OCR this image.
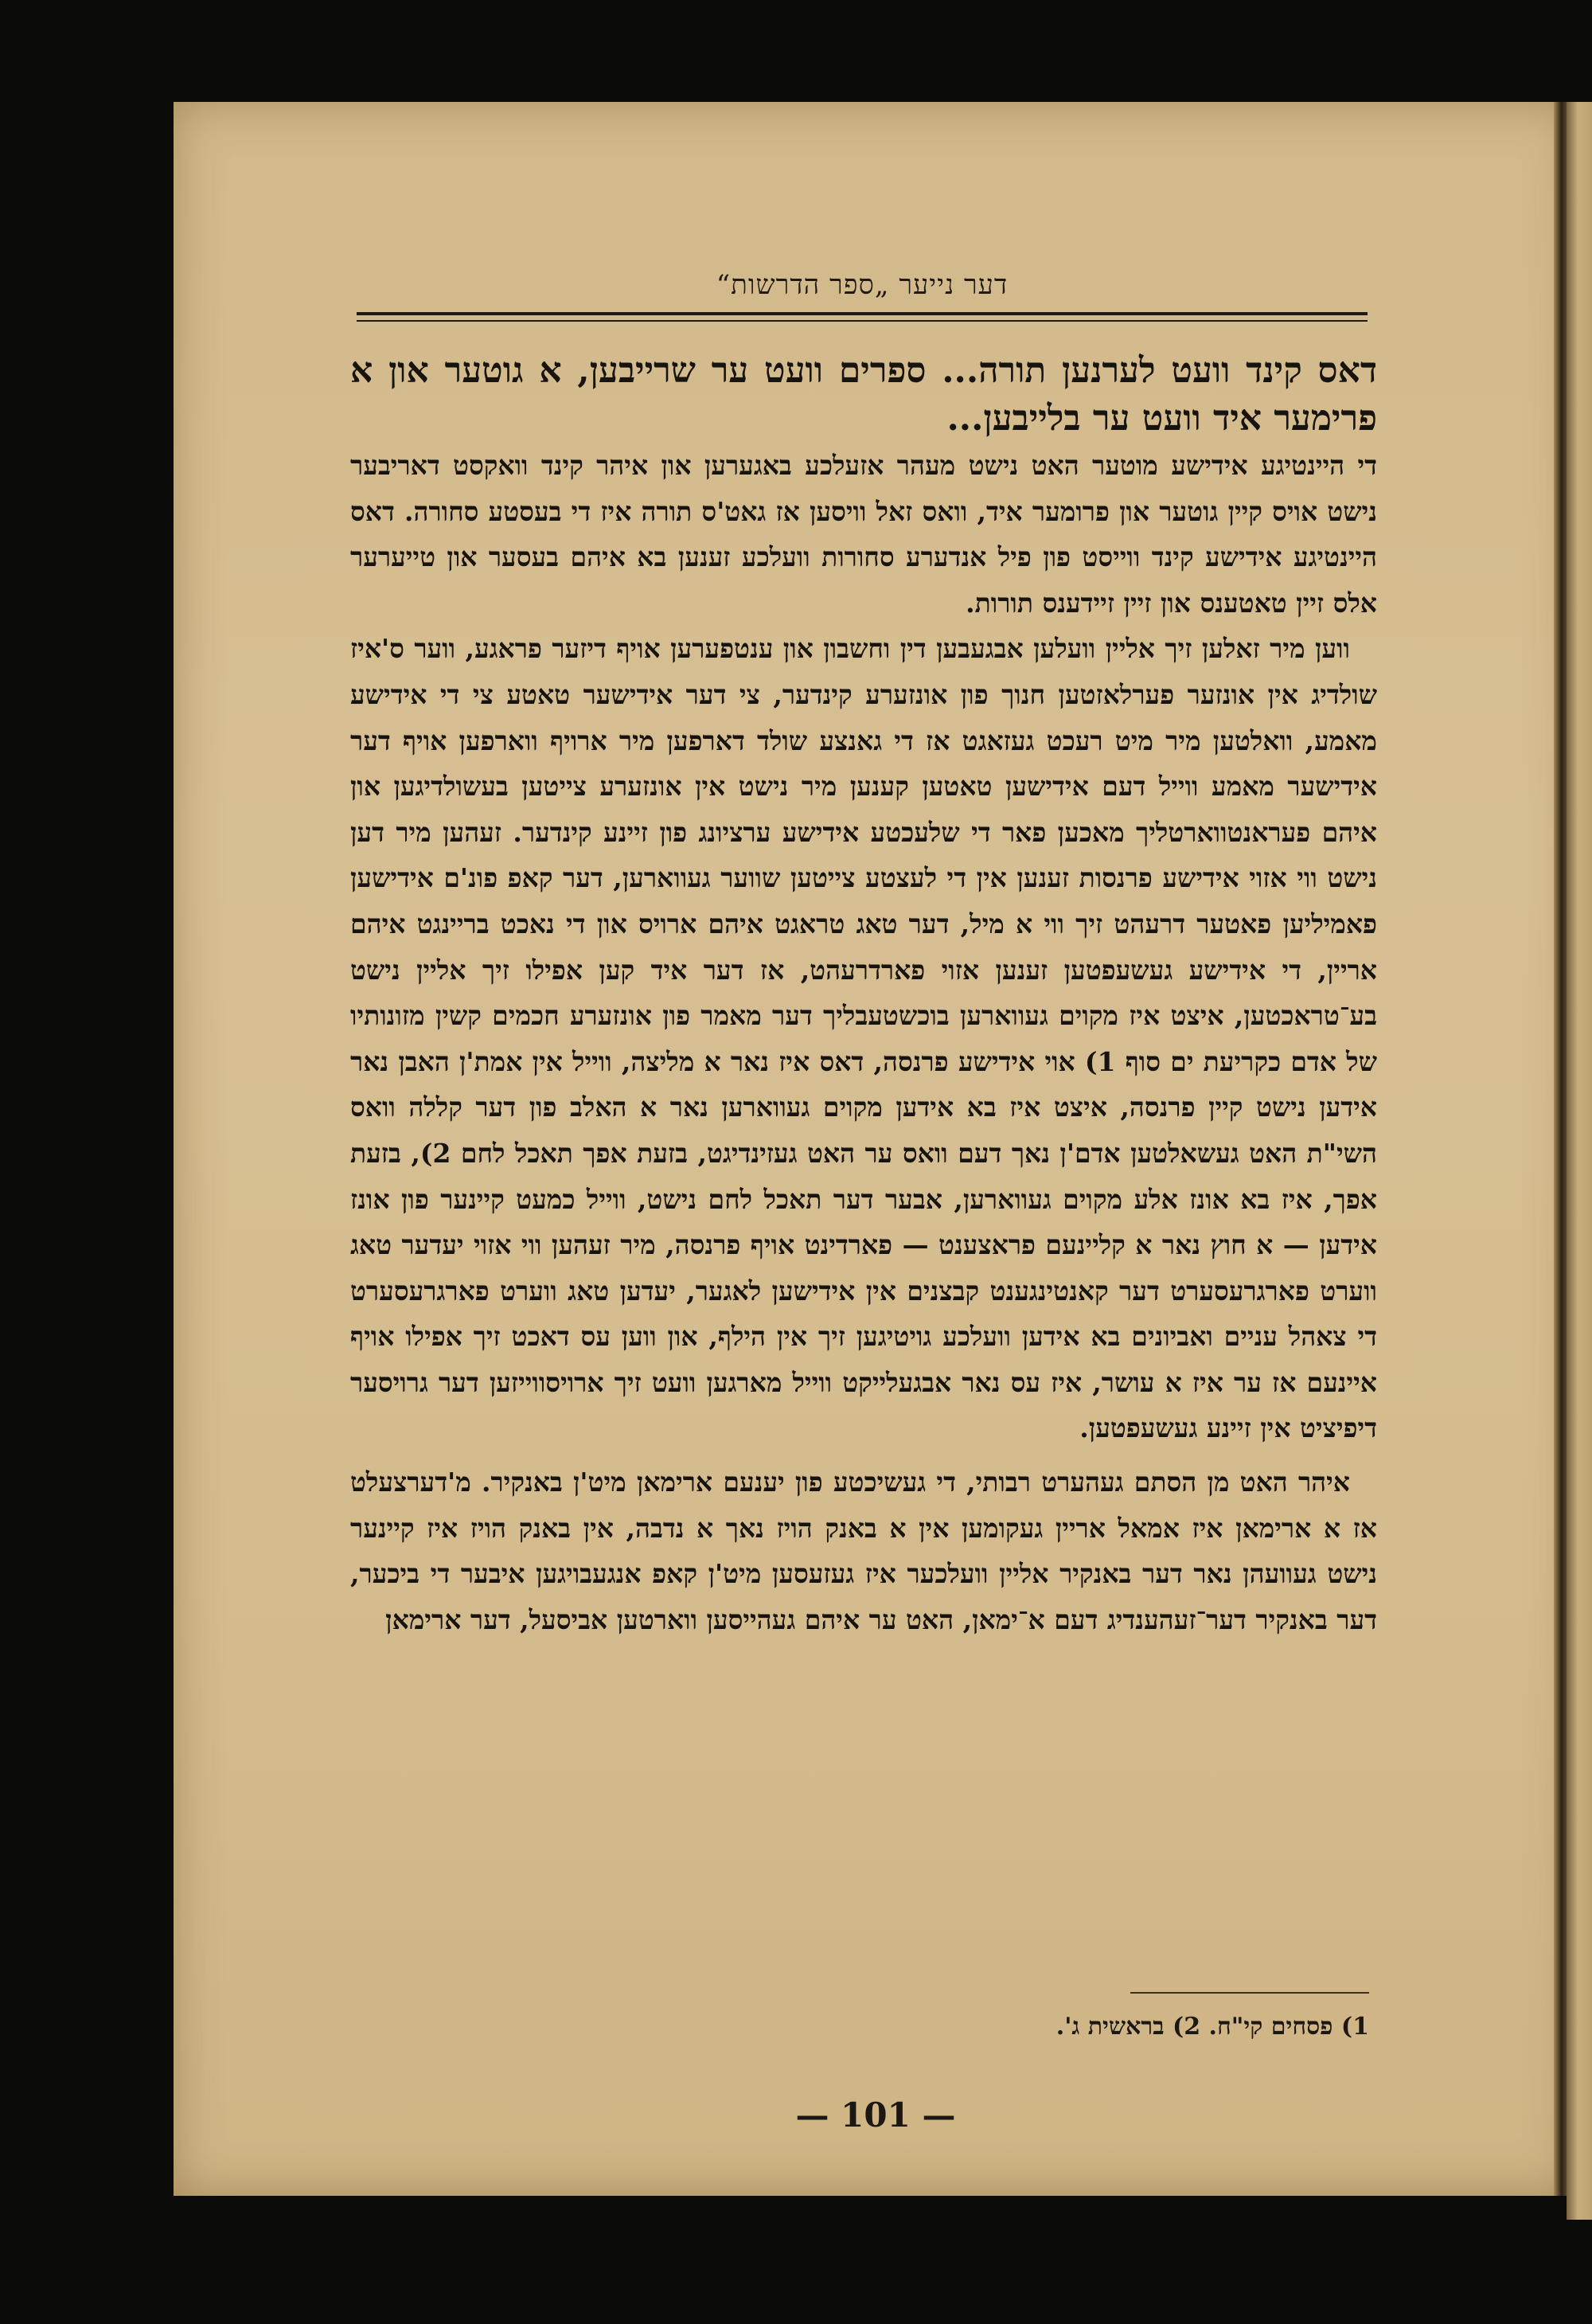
דער נייער „ספר הדרשות“

דאס קינד וועט לערנען תורה... ספרים וועט ער שרייבען, א גוטער און א פרימער איד וועט ער בלייבען...

די היינטיגע אידישע מוטער האט נישט מעהר אזעלכע באגערען און איהר קינד וואקסט דאריבער נישט אויס קיין גוטער און פרומער איד, וואס זאל וויסען אז גאט'ס תורה איז די בעסטע סחורה. דאס היינטיגע אידישע קינד ווייסט פון פיל אנדערע סחורות וועלכע זענען בא איהם בעסער און טייערער אלס זיין טאטענס און זיין זיידענס תורות.

ווען מיר זאלען זיך אליין וועלען אבגעבען דין וחשבון און ענטפערען אויף דיזער פראגע, ווער ס'איז שולדיג אין אונזער פערלאזטען חנוך פון אונזערע קינדער, צי דער אידישער טאטע צי די אידישע מאמע, וואלטען מיר מיט רעכט געזאגט אז די גאנצע שולד דארפען מיר ארויף ווארפען אויף דער אידישער מאמע ווייל דעם אידישען טאטען קענען מיר נישט אין אונזערע צייטען בעשולדיגען און איהם פעראנטווארטליך מאכען פאר די שלעכטע אידישע ערציונג פון זיינע קינדער. זעהען מיר דען נישט ווי אזוי אידישע פרנסות זענען אין די לעצטע צייטען שווער געווארען, דער קאפ פונ'ם אידישען פאמיליען פאטער דרעהט זיך ווי א מיל, דער טאג טראגט איהם ארויס און די נאכט בריינגט איהם אריין, די אידישע געשעפטען זענען אזוי פארדרעהט, אז דער איד קען אפילו זיך אליין נישט בע־טראכטען, איצט איז מקוים געווארען בוכשטעבליך דער מאמר פון אונזערע חכמים קשין מזונותיו של אדם כקריעת ים סוף 1) אוי אידישע פרנסה, דאס איז נאר א מליצה, ווייל אין אמת'ן האבן נאר אידען נישט קיין פרנסה, איצט איז בא אידען מקוים געווארען נאר א האלב פון דער קללה וואס השי"ת האט געשאלטען אדם'ן נאך דעם וואס ער האט געזינדיגט, בזעת אפך תאכל לחם 2), בזעת אפך, איז בא אונז אלע מקוים געווארען, אבער דער תאכל לחם נישט, ווייל כמעט קיינער פון אונז אידען — א חוץ נאר א קליינעם פראצענט — פארדינט אויף פרנסה, מיר זעהען ווי אזוי יעדער טאג ווערט פארגרעסערט דער קאנטינגענט קבצנים אין אידישען לאגער, יעדען טאג ווערט פארגרעסערט די צאהל עניים ואביונים בא אידען וועלכע גויטיגען זיך אין הילף, און ווען עס דאכט זיך אפילו אויף איינעם אז ער איז א עושר, איז עס נאר אבגעלייקט ווייל מארגען וועט זיך ארויסווייזען דער גרויסער דיפיציט אין זיינע געשעפטען.

איהר האט מן הסתם געהערט רבותי, די געשיכטע פון יענעם ארימאן מיט'ן באנקיר. מ'דערצעלט אז א ארימאן איז אמאל אריין געקומען אין א באנק הויז נאך א נדבה, אין באנק הויז איז קיינער נישט געוועהן נאר דער באנקיר אליין וועלכער איז געזעסען מיט'ן קאפ אנגעבויגען איבער די ביכער, דער באנקיר דער־זעהענדיג דעם א־ימאן, האט ער איהם געהייסען ווארטען אביסעל, דער ארימאן

1) פסחים קי"ח. 2) בראשית ג'.
— 101 —
